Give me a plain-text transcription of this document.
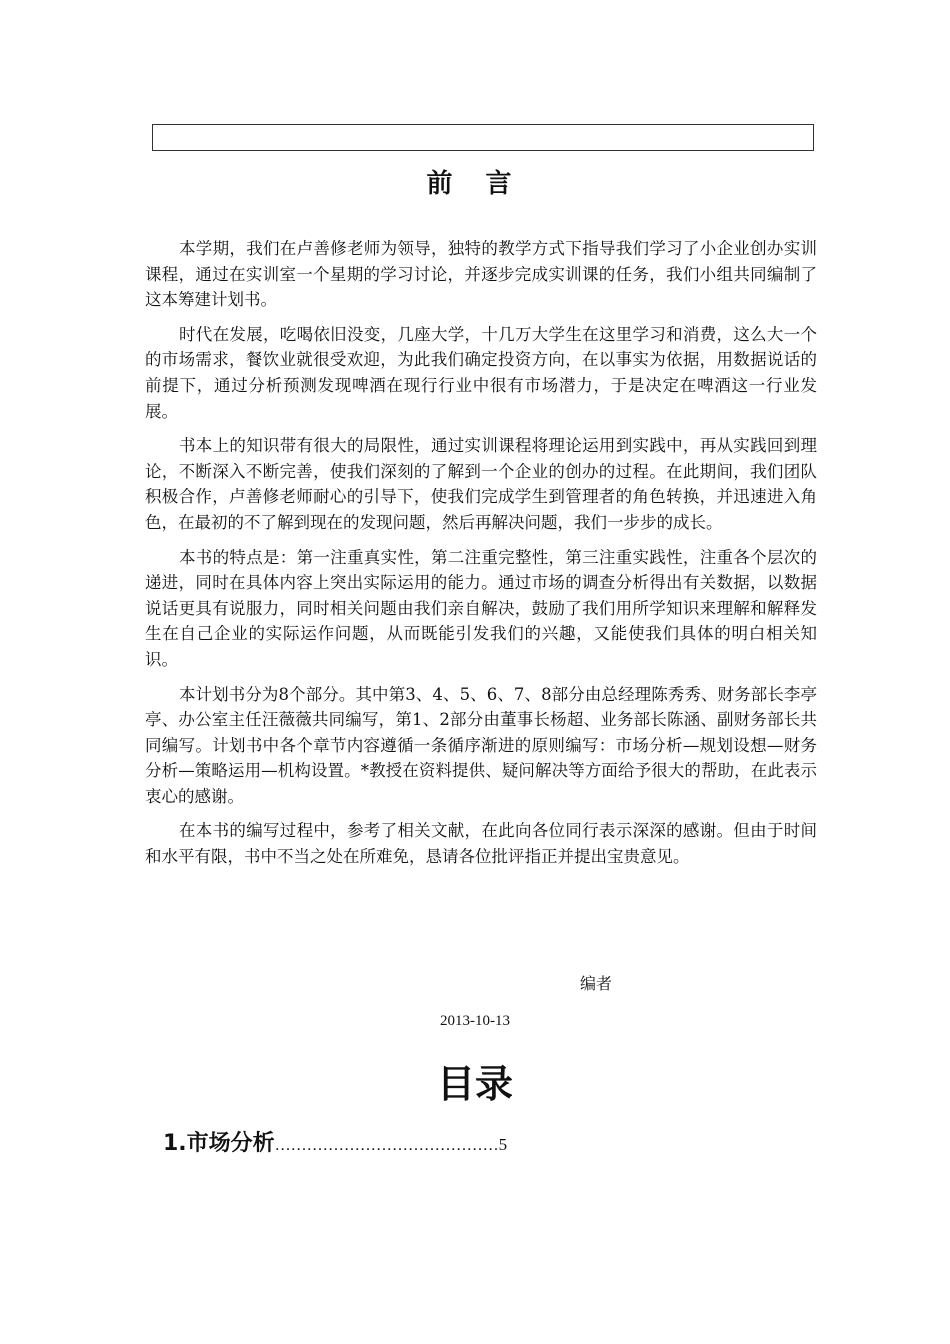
前 言

本学期，我们在卢善修老师为领导，独特的教学方式下指导我们学习了小企业创办实训课程，通过在实训室一个星期的学习讨论，并逐步完成实训课的任务，我们小组共同编制了这本筹建计划书。

时代在发展，吃喝依旧没变，几座大学，十几万大学生在这里学习和消费，这么大一个的市场需求，餐饮业就很受欢迎，为此我们确定投资方向，在以事实为依据，用数据说话的前提下，通过分析预测发现啤酒在现行行业中很有市场潜力，于是决定在啤酒这一行业发展。

书本上的知识带有很大的局限性，通过实训课程将理论运用到实践中，再从实践回到理论，不断深入不断完善，使我们深刻的了解到一个企业的创办的过程。在此期间，我们团队积极合作，卢善修老师耐心的引导下，使我们完成学生到管理者的角色转换，并迅速进入角色，在最初的不了解到现在的发现问题，然后再解决问题，我们一步步的成长。

本书的特点是：第一注重真实性，第二注重完整性，第三注重实践性，注重各个层次的递进，同时在具体内容上突出实际运用的能力。通过市场的调查分析得出有关数据，以数据说话更具有说服力，同时相关问题由我们亲自解决，鼓励了我们用所学知识来理解和解释发生在自己企业的实际运作问题，从而既能引发我们的兴趣，又能使我们具体的明白相关知识。

本计划书分为8个部分。其中第3、4、5、6、7、8部分由总经理陈秀秀、财务部长李亭亭、办公室主任汪薇薇共同编写，第1、2部分由董事长杨超、业务部长陈涵、副财务部长共同编写。计划书中各个章节内容遵循一条循序渐进的原则编写：市场分析—规划设想—财务分析—策略运用—机构设置。*教授在资料提供、疑问解决等方面给予很大的帮助，在此表示衷心的感谢。

在本书的编写过程中，参考了相关文献，在此向各位同行表示深深的感谢。但由于时间和水平有限，书中不当之处在所难免，恳请各位批评指正并提出宝贵意见。

编者
2013-10-13
目录
1.市场分析……………………………………5
